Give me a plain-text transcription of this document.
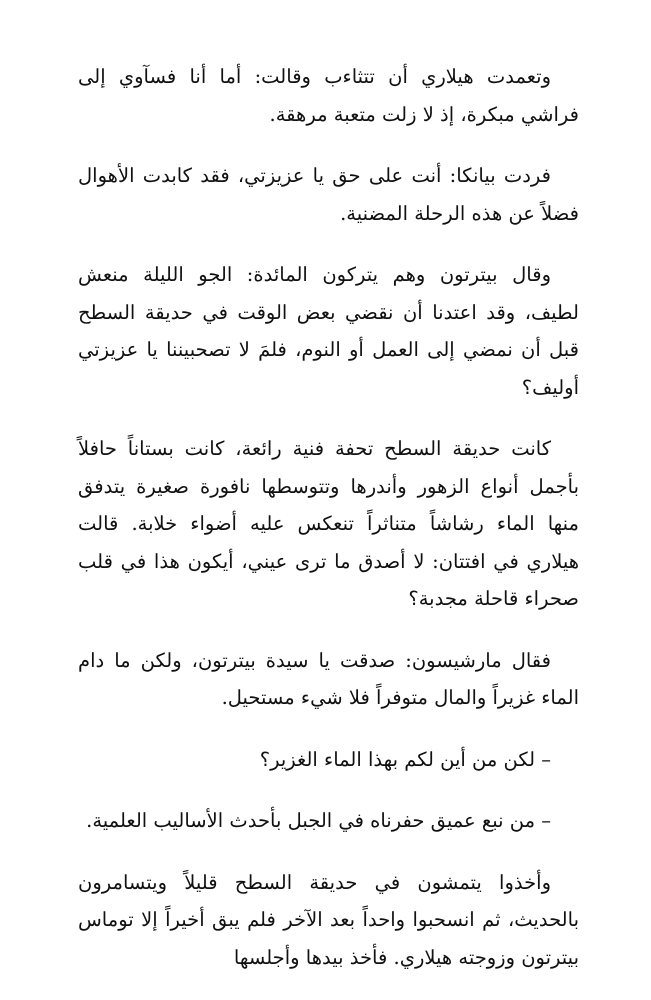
وتعمدت هيلاري أن تتثاءب وقالت: أما أنا فسآوي إلى فراشي مبكرة، إذ لا زلت متعبة مرهقة.

فردت بيانكا: أنت على حق يا عزيزتي، فقد كابدت الأهوال فضلاً عن هذه الرحلة المضنية.

وقال بيترتون وهم يتركون المائدة: الجو الليلة منعش لطيف، وقد اعتدنا أن نقضي بعض الوقت في حديقة السطح قبل أن نمضي إلى العمل أو النوم، فلمَ لا تصحبيننا يا عزيزتي أوليف؟

كانت حديقة السطح تحفة فنية رائعة، كانت بستاناً حافلاً بأجمل أنواع الزهور وأندرها وتتوسطها نافورة صغيرة يتدفق منها الماء رشاشاً متناثراً تنعكس عليه أضواء خلابة. قالت هيلاري في افتتان: لا أصدق ما ترى عيني، أيكون هذا في قلب صحراء قاحلة مجدبة؟

فقال مارشيسون: صدقت يا سيدة بيترتون، ولكن ما دام الماء غزيراً والمال متوفراً فلا شيء مستحيل.

– لكن من أين لكم بهذا الماء الغزير؟

– من نبع عميق حفرناه في الجبل بأحدث الأساليب العلمية.

وأخذوا يتمشون في حديقة السطح قليلاً ويتسامرون بالحديث، ثم انسحبوا واحداً بعد الآخر فلم يبق أخيراً إلا توماس بيترتون وزوجته هيلاري. فأخذ بيدها وأجلسها
